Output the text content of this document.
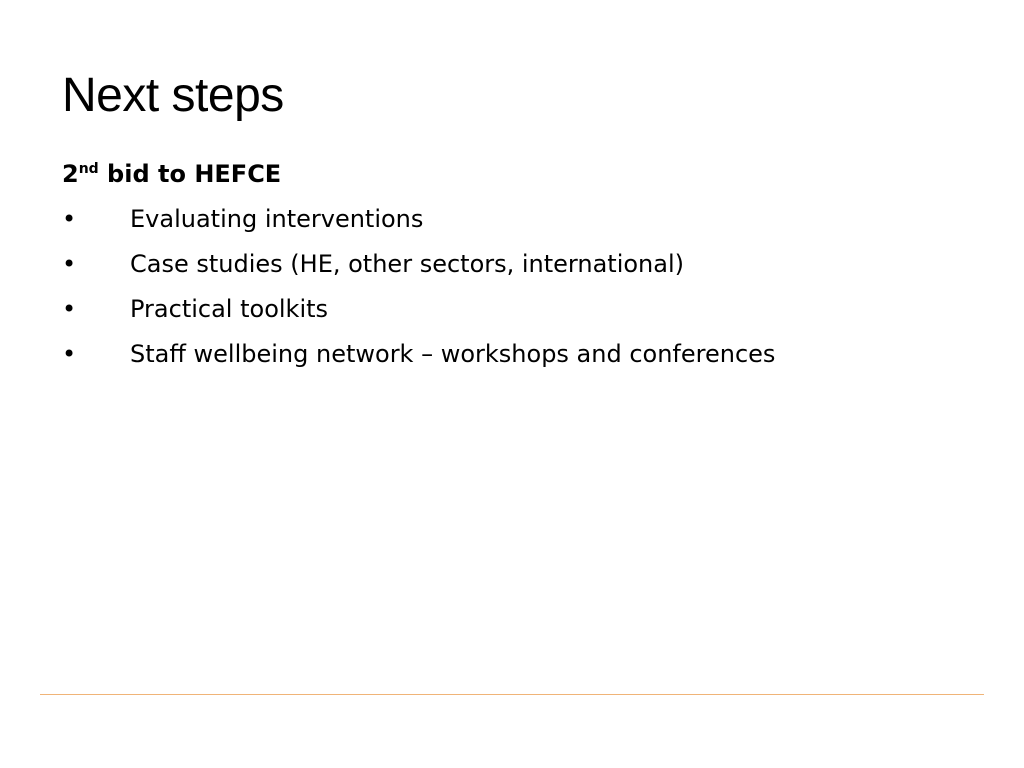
Next steps

2nd bid to HEFCE

• Evaluating interventions
• Case studies (HE, other sectors, international)
• Practical toolkits
• Staff wellbeing network – workshops and conferences
